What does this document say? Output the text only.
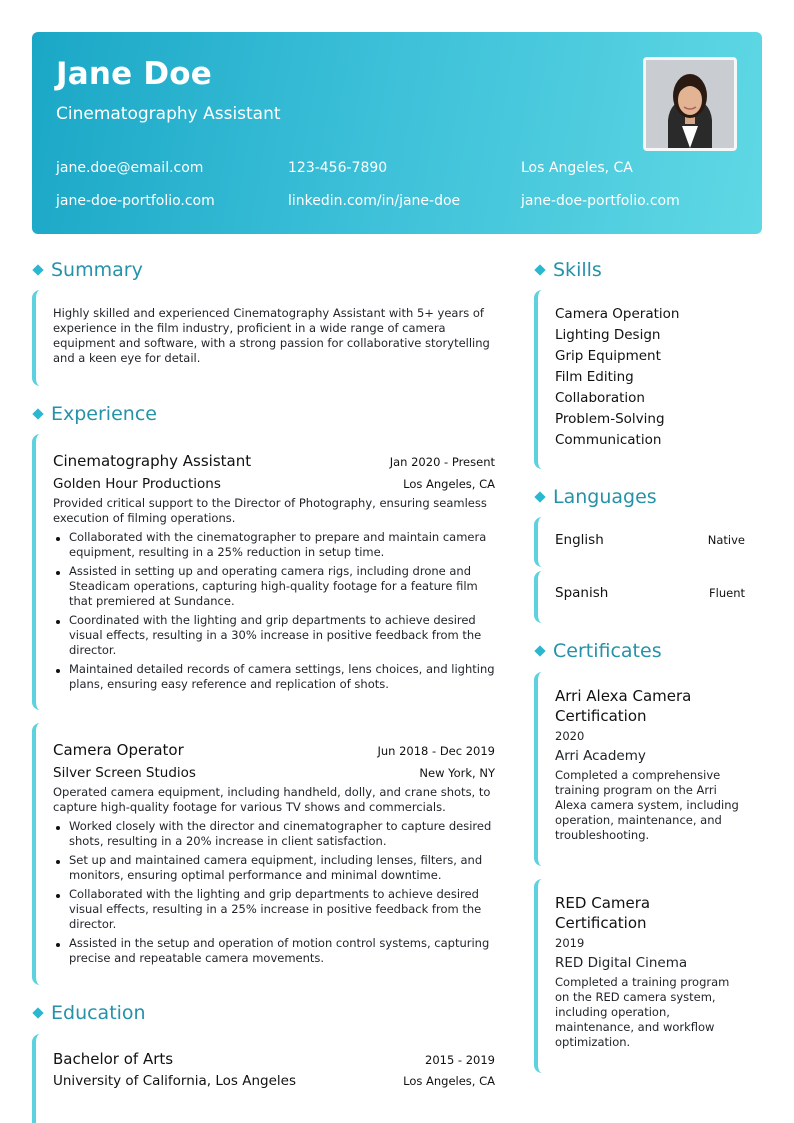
Jane Doe
Cinematography Assistant
jane.doe@email.com	123-456-7890	Los Angeles, CA
jane-doe-portfolio.com	linkedin.com/in/jane-doe	jane-doe-portfolio.com
Summary
Highly skilled and experienced Cinematography Assistant with 5+ years of experience in the film industry, proficient in a wide range of camera equipment and software, with a strong passion for collaborative storytelling and a keen eye for detail.
Experience
Cinematography Assistant	Jan 2020 - Present
Golden Hour Productions	Los Angeles, CA
Provided critical support to the Director of Photography, ensuring seamless execution of filming operations.
Collaborated with the cinematographer to prepare and maintain camera equipment, resulting in a 25% reduction in setup time.
Assisted in setting up and operating camera rigs, including drone and Steadicam operations, capturing high-quality footage for a feature film that premiered at Sundance.
Coordinated with the lighting and grip departments to achieve desired visual effects, resulting in a 30% increase in positive feedback from the director.
Maintained detailed records of camera settings, lens choices, and lighting plans, ensuring easy reference and replication of shots.
Camera Operator	Jun 2018 - Dec 2019
Silver Screen Studios	New York, NY
Operated camera equipment, including handheld, dolly, and crane shots, to capture high-quality footage for various TV shows and commercials.
Worked closely with the director and cinematographer to capture desired shots, resulting in a 20% increase in client satisfaction.
Set up and maintained camera equipment, including lenses, filters, and monitors, ensuring optimal performance and minimal downtime.
Collaborated with the lighting and grip departments to achieve desired visual effects, resulting in a 25% increase in positive feedback from the director.
Assisted in the setup and operation of motion control systems, capturing precise and repeatable camera movements.
Education
Bachelor of Arts	2015 - 2019
University of California, Los Angeles	Los Angeles, CA
Skills
Camera Operation
Lighting Design
Grip Equipment
Film Editing
Collaboration
Problem-Solving
Communication
Languages
English	Native
Spanish	Fluent
Certificates
Arri Alexa Camera Certification
2020
Arri Academy
Completed a comprehensive training program on the Arri Alexa camera system, including operation, maintenance, and troubleshooting.
RED Camera Certification
2019
RED Digital Cinema
Completed a training program on the RED camera system, including operation, maintenance, and workflow optimization.
